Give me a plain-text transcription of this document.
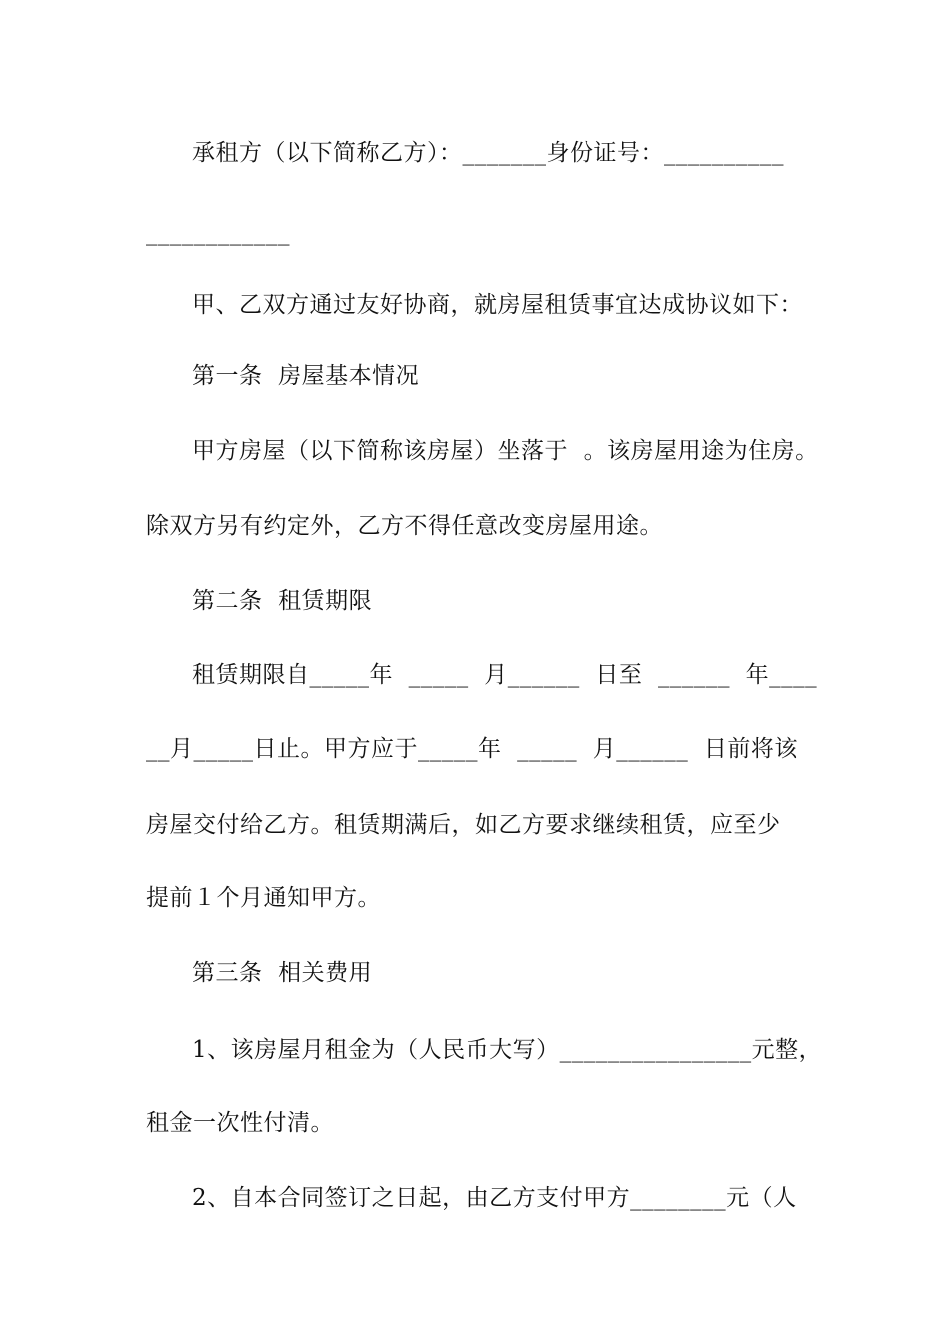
承租方（以下简称乙方）：_______身份证号：__________
____________
甲、乙双方通过友好协商，就房屋租赁事宜达成协议如下：
第一条  房屋基本情况
甲方房屋（以下简称该房屋）坐落于  。该房屋用途为住房。
除双方另有约定外，乙方不得任意改变房屋用途。
第二条  租赁期限
租赁期限自_____年  _____  月______  日至  ______  年____
__月_____日止。甲方应于_____年  _____  月______  日前将该
房屋交付给乙方。租赁期满后，如乙方要求继续租赁，应至少
提前１个月通知甲方。
第三条  相关费用
1、该房屋月租金为（人民币大写）________________元整，
租金一次性付清。
2、自本合同签订之日起，由乙方支付甲方________元（人
